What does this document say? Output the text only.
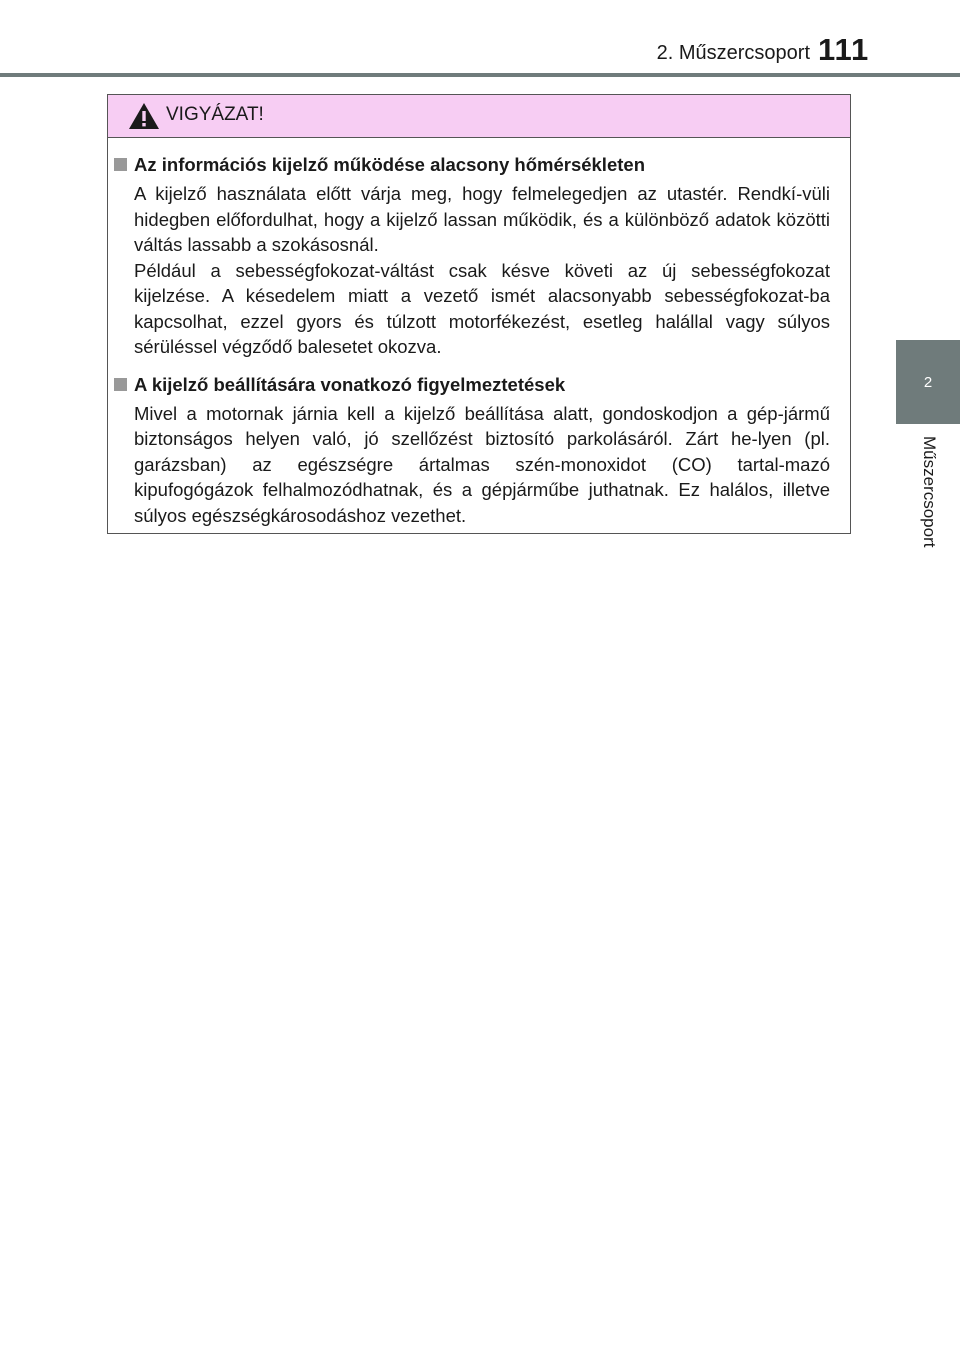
2. Műszercsoport 111
2
Műszercsoport
VIGYÁZAT!
Az információs kijelző működése alacsony hőmérsékleten

A kijelző használata előtt várja meg, hogy felmelegedjen az utastér. Rendkí-vüli hidegben előfordulhat, hogy a kijelző lassan működik, és a különböző adatok közötti váltás lassabb a szokásosnál.

Például a sebességfokozat-váltást csak késve követi az új sebességfokozat kijelzése. A késedelem miatt a vezető ismét alacsonyabb sebességfokozat-ba kapcsolhat, ezzel gyors és túlzott motorfékezést, esetleg halállal vagy súlyos sérüléssel végződő balesetet okozva.

A kijelző beállítására vonatkozó figyelmeztetések

Mivel a motornak járnia kell a kijelző beállítása alatt, gondoskodjon a gép-jármű biztonságos helyen való, jó szellőzést biztosító parkolásáról. Zárt he-lyen (pl. garázsban) az egészségre ártalmas szén-monoxidot (CO) tartal-mazó kipufogógázok felhalmozódhatnak, és a gépjárműbe juthatnak. Ez halálos, illetve súlyos egészségkárosodáshoz vezethet.
